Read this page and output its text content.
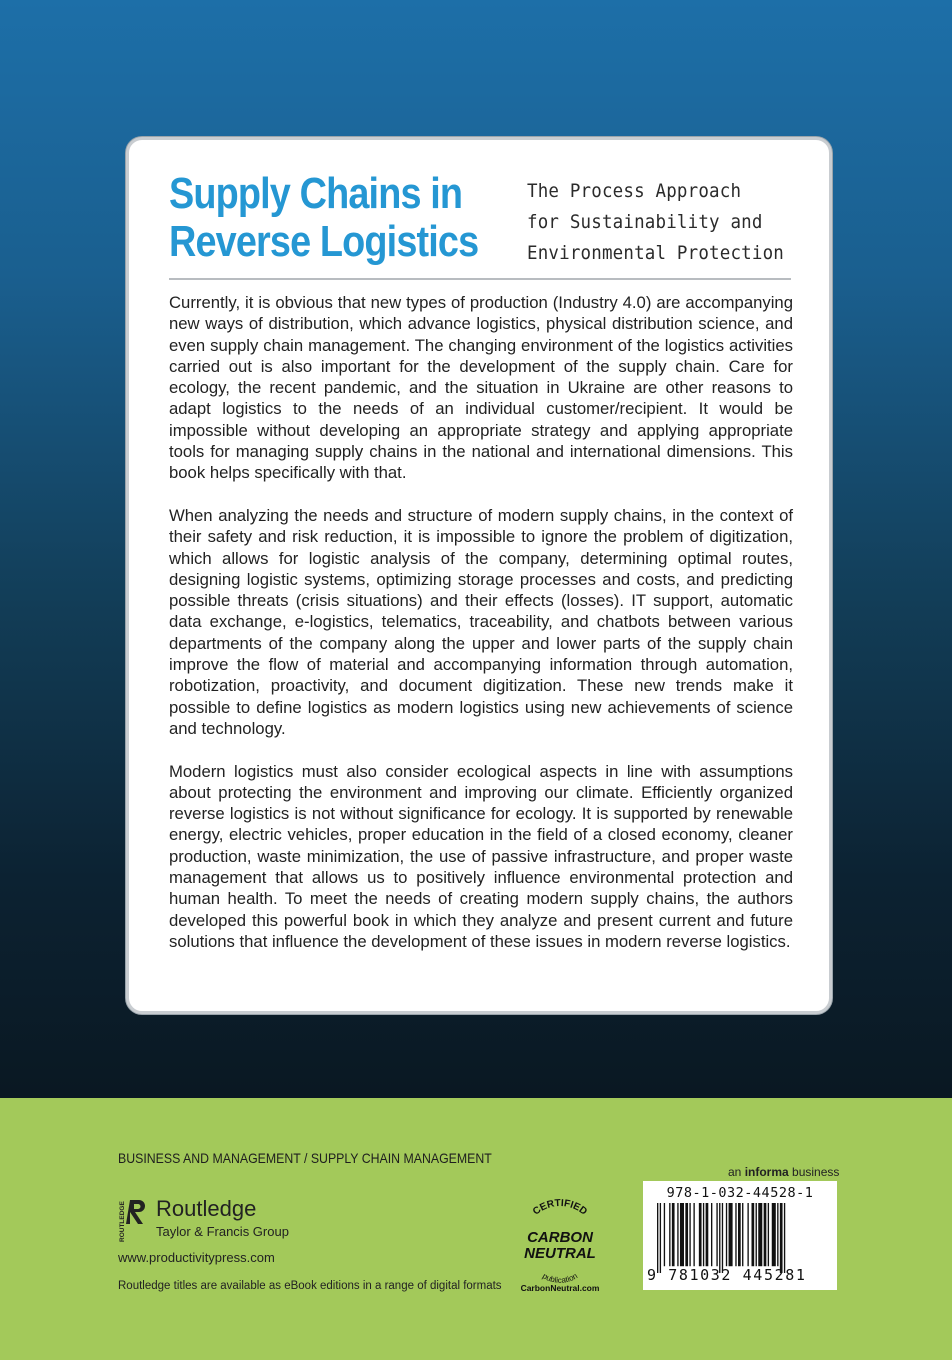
Supply Chains in
Reverse Logistics
The Process Approach
for Sustainability and
Environmental Protection

Currently, it is obvious that new types of production (Industry 4.0) are accompanying new ways of distribution, which advance logistics, physical distribution science, and even supply chain management. The changing environment of the logistics activities carried out is also important for the development of the supply chain. Care for ecology, the recent pandemic, and the situation in Ukraine are other reasons to adapt logistics to the needs of an individual customer/recipient. It would be impossible without developing an appropriate strategy and applying appropriate tools for managing supply chains in the national and international dimensions. This book helps specifically with that.

When analyzing the needs and structure of modern supply chains, in the context of their safety and risk reduction, it is impossible to ignore the problem of digitization, which allows for logistic analysis of the company, determining optimal routes, designing logistic systems, optimizing storage processes and costs, and predicting possible threats (crisis situations) and their effects (losses). IT support, automatic data exchange, e-logistics, telematics, traceability, and chatbots between various departments of the company along the upper and lower parts of the supply chain improve the flow of material and accompanying information through automation, robotization, proactivity, and document digitization. These new trends make it possible to define logistics as modern logistics using new achievements of science and technology.

Modern logistics must also consider ecological aspects in line with assumptions about protecting the environment and improving our climate. Efficiently organized reverse logistics is not without significance for ecology. It is supported by renewable energy, electric vehicles, proper education in the field of a closed economy, cleaner production, waste minimization, the use of passive infrastructure, and proper waste management that allows us to positively influence environmental protection and human health. To meet the needs of creating modern supply chains, the authors developed this powerful book in which they analyze and present current and future solutions that influence the development of these issues in modern reverse logistics.

BUSINESS AND MANAGEMENT / SUPPLY CHAIN MANAGEMENT
ROUTLEDGE Routledge
Taylor & Francis Group
www.productivitypress.com
Routledge titles are available as eBook editions in a range of digital formats
CERTIFIED
CARBON
NEUTRAL
publication
CarbonNeutral.com
an informa business
978-1-032-44528-1
9 781032 445281
